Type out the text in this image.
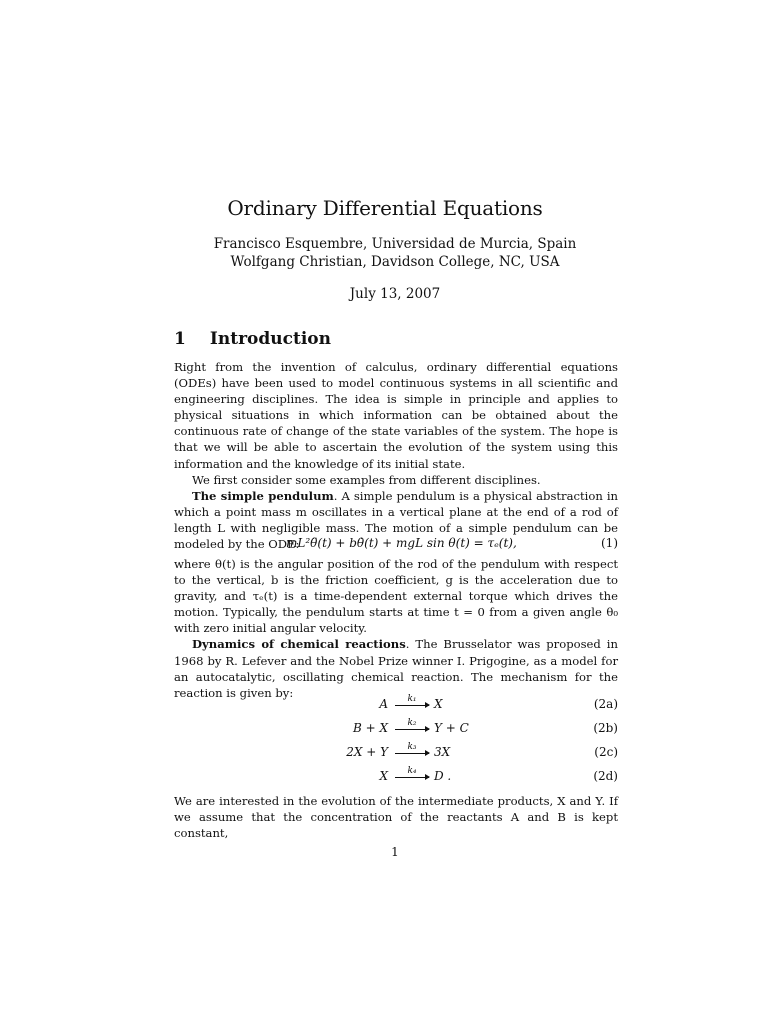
Ordinary Differential Equations
Francisco Esquembre, Universidad de Murcia, Spain
Wolfgang Christian, Davidson College, NC, USA
July 13, 2007
1 Introduction

Right from the invention of calculus, ordinary differential equations (ODEs) have been used to model continuous systems in all scientific and engineering disciplines. The idea is simple in principle and applies to physical situations in which information can be obtained about the continuous rate of change of the state variables of the system. The hope is that we will be able to ascertain the evolution of the system using this information and the knowledge of its initial state.

We first consider some examples from different disciplines.

The simple pendulum. A simple pendulum is a physical abstraction in which a point mass m oscillates in a vertical plane at the end of a rod of length L with negligible mass. The motion of a simple pendulum can be modeled by the ODE:

mL²θ̈(t) + bθ̇(t) + mgL sin θ(t) = τₑ(t),	(1)

where θ(t) is the angular position of the rod of the pendulum with respect to the vertical, b is the friction coefficient, g is the acceleration due to gravity, and τₑ(t) is a time-dependent external torque which drives the motion. Typically, the pendulum starts at time t = 0 from a given angle θ₀ with zero initial angular velocity.

Dynamics of chemical reactions. The Brusselator was proposed in 1968 by R. Lefever and the Nobel Prize winner I. Prigogine, as a model for an autocatalytic, oscillating chemical reaction. The mechanism for the reaction is given by:

A	k₁	X	(2a)
B + X	k₂	Y + C	(2b)
2X + Y	k₃	3X	(2c)
X	k₄	D .	(2d)

We are interested in the evolution of the intermediate products, X and Y. If we assume that the concentration of the reactants A and B is kept constant,

1
